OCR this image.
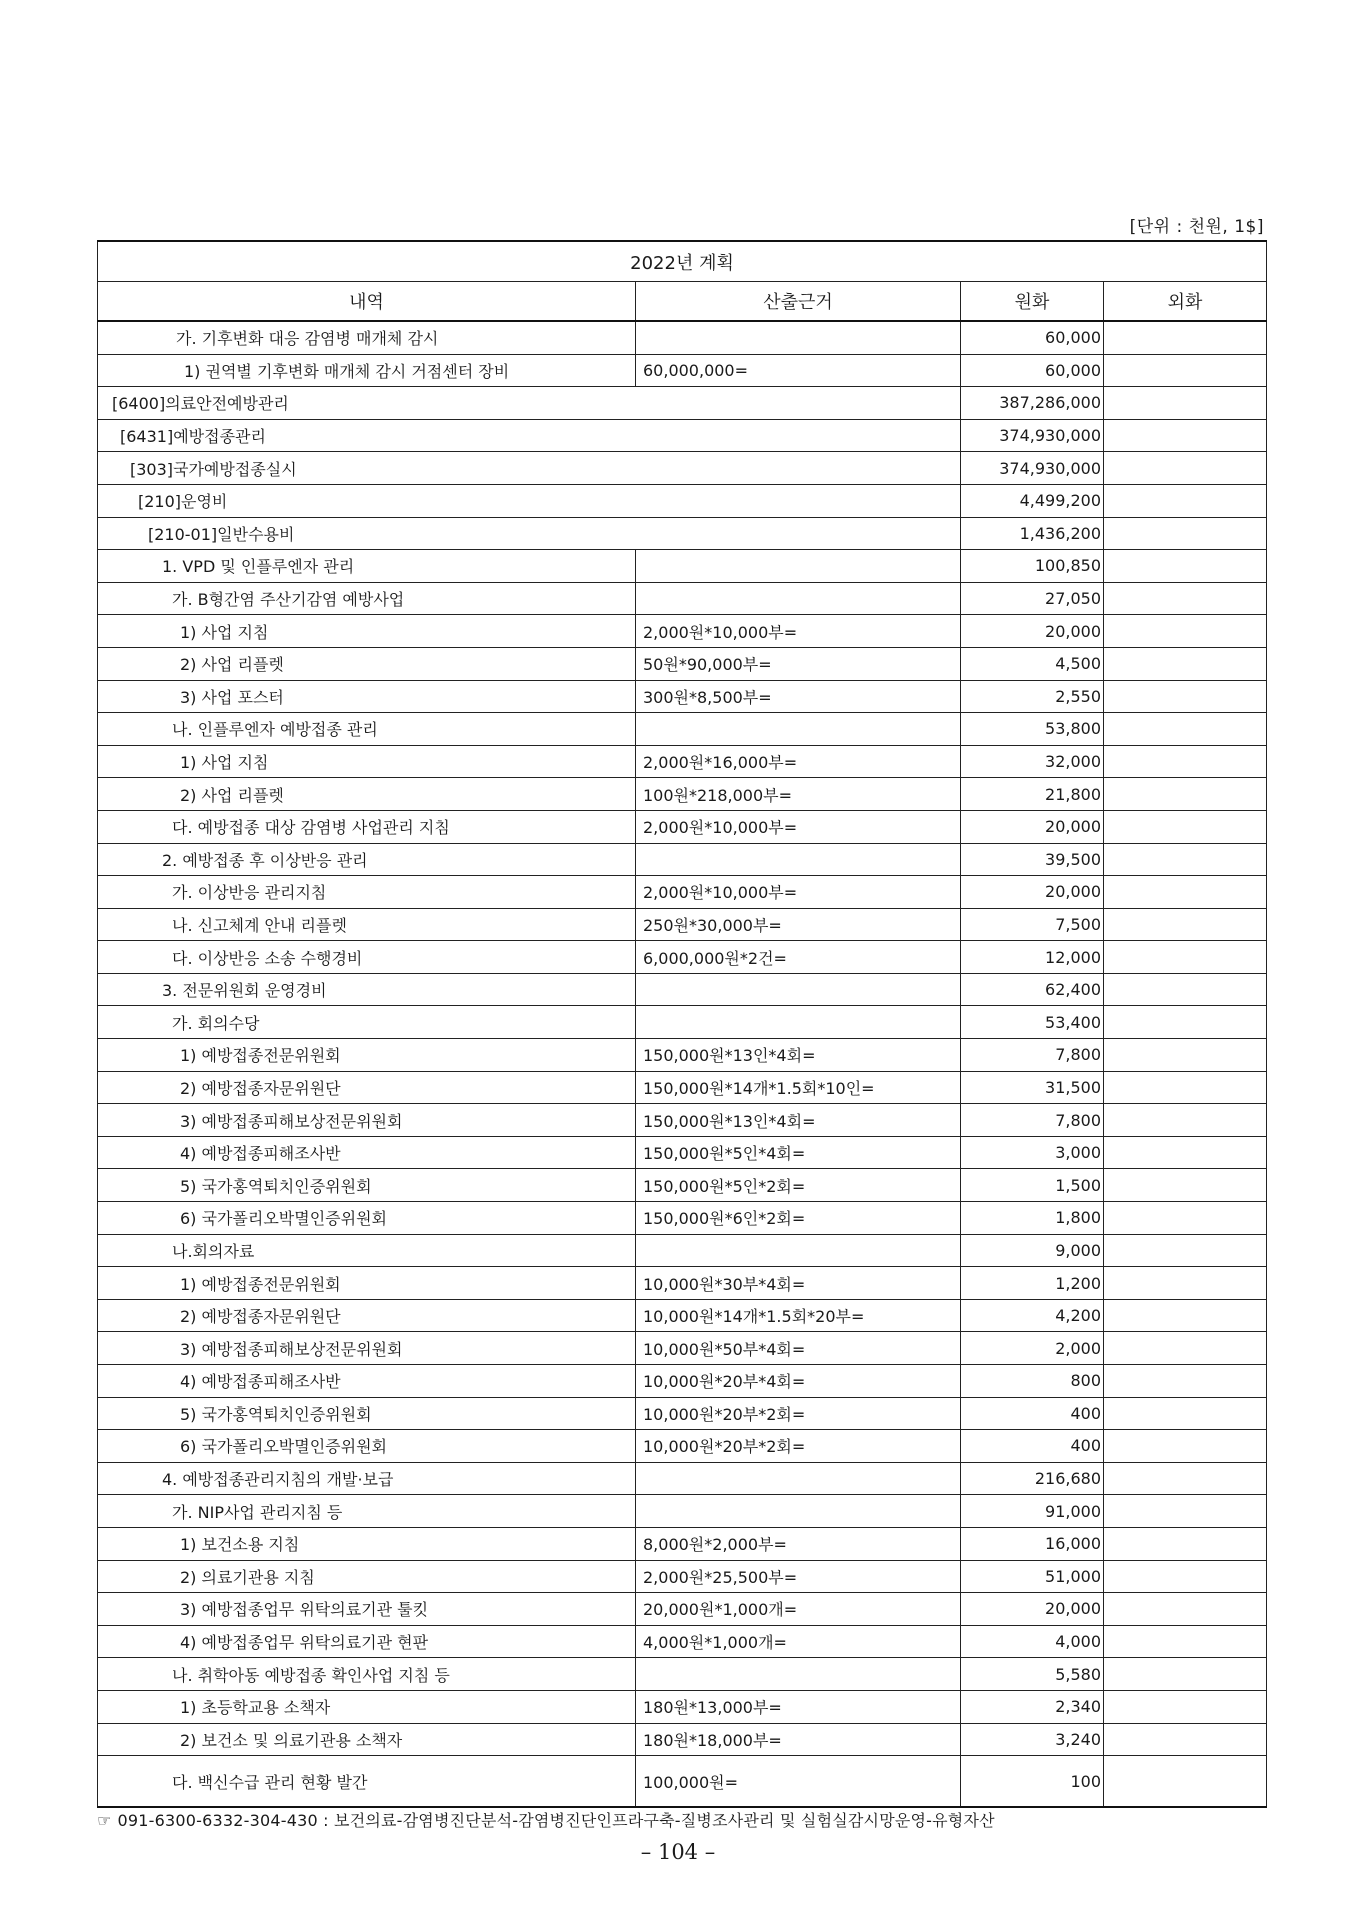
[단위 : 천원, 1$]
2022년 계획			
내역	산출근거	원화	외화
가. 기후변화 대응 감염병 매개체 감시		60,000	
1) 권역별 기후변화 매개체 감시 거점센터 장비	60,000,000=	60,000	
[6400]의료안전예방관리		387,286,000	
[6431]예방접종관리		374,930,000	
[303]국가예방접종실시		374,930,000	
[210]운영비		4,499,200	
[210-01]일반수용비		1,436,200	
1. VPD 및 인플루엔자 관리		100,850	
가. B형간염 주산기감염 예방사업		27,050	
1) 사업 지침	2,000원*10,000부=	20,000	
2) 사업 리플렛	50원*90,000부=	4,500	
3) 사업 포스터	300원*8,500부=	2,550	
나. 인플루엔자 예방접종 관리		53,800	
1) 사업 지침	2,000원*16,000부=	32,000	
2) 사업 리플렛	100원*218,000부=	21,800	
다. 예방접종 대상 감염병 사업관리 지침	2,000원*10,000부=	20,000	
2. 예방접종 후 이상반응 관리		39,500	
가. 이상반응 관리지침	2,000원*10,000부=	20,000	
나. 신고체계 안내 리플렛	250원*30,000부=	7,500	
다. 이상반응 소송 수행경비	6,000,000원*2건=	12,000	
3. 전문위원회 운영경비		62,400	
가. 회의수당		53,400	
1) 예방접종전문위원회	150,000원*13인*4회=	7,800	
2) 예방접종자문위원단	150,000원*14개*1.5회*10인=	31,500	
3) 예방접종피해보상전문위원회	150,000원*13인*4회=	7,800	
4) 예방접종피해조사반	150,000원*5인*4회=	3,000	
5) 국가홍역퇴치인증위원회	150,000원*5인*2회=	1,500	
6) 국가폴리오박멸인증위원회	150,000원*6인*2회=	1,800	
나.회의자료		9,000	
1) 예방접종전문위원회	10,000원*30부*4회=	1,200	
2) 예방접종자문위원단	10,000원*14개*1.5회*20부=	4,200	
3) 예방접종피해보상전문위원회	10,000원*50부*4회=	2,000	
4) 예방접종피해조사반	10,000원*20부*4회=	800	
5) 국가홍역퇴치인증위원회	10,000원*20부*2회=	400	
6) 국가폴리오박멸인증위원회	10,000원*20부*2회=	400	
4. 예방접종관리지침의 개발·보급		216,680	
가. NIP사업 관리지침 등		91,000	
1) 보건소용 지침	8,000원*2,000부=	16,000	
2) 의료기관용 지침	2,000원*25,500부=	51,000	
3) 예방접종업무 위탁의료기관 툴킷	20,000원*1,000개=	20,000	
4) 예방접종업무 위탁의료기관 현판	4,000원*1,000개=	4,000	
나. 취학아동 예방접종 확인사업 지침 등		5,580	
1) 초등학교용 소책자	180원*13,000부=	2,340	
2) 보건소 및 의료기관용 소책자	180원*18,000부=	3,240	
다. 백신수급 관리 현황 발간	100,000원=	100	
☞ 091-6300-6332-304-430 : 보건의료-감염병진단분석-감염병진단인프라구축-질병조사관리 및 실험실감시망운영-유형자산
– 104 –
